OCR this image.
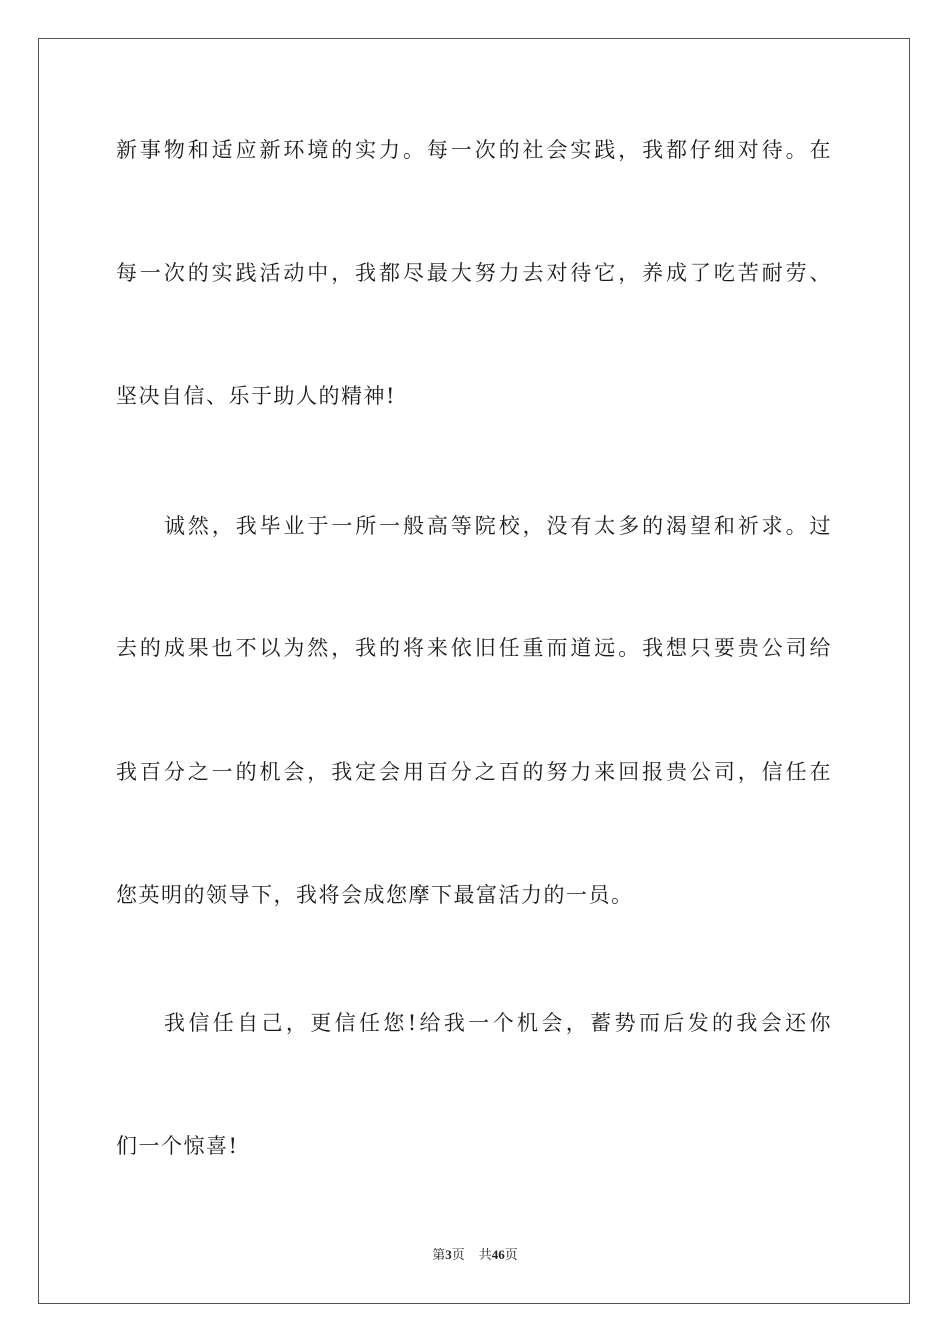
新事物和适应新环境的实力。每一次的社会实践，我都仔细对待。在
每一次的实践活动中，我都尽最大努力去对待它，养成了吃苦耐劳、
坚决自信、乐于助人的精神!
诚然，我毕业于一所一般高等院校，没有太多的渴望和祈求。过
去的成果也不以为然，我的将来依旧任重而道远。我想只要贵公司给
我百分之一的机会，我定会用百分之百的努力来回报贵公司，信任在
您英明的领导下，我将会成您摩下最富活力的一员。
我信任自己，更信任您!给我一个机会，蓄势而后发的我会还你
们一个惊喜!
第3页 共46页
